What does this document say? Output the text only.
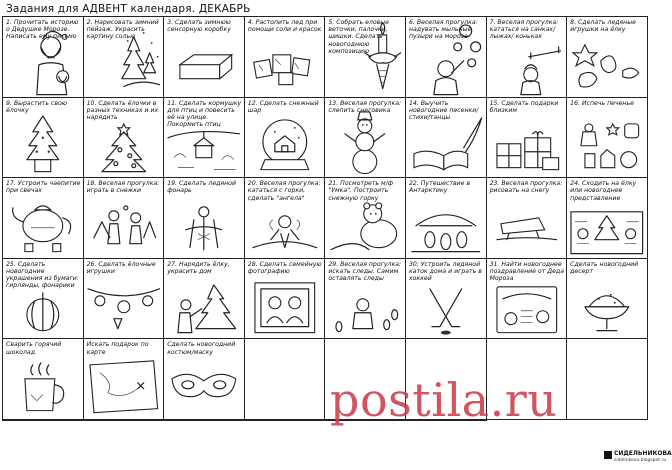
Задания для АДВЕНТ календаря. ДЕКАБРЬ
1. Прочитать историю о Дедушке Морозе. Написать ему письмо
2. Нарисовать зимний пейзаж. Украсить картину солью
3. Сделать зимнюю сенсорную коробку
4. Растопить лед при помощи соли и красок
5. Собрать еловые веточки, палочки, шишки. Сделать новогоднюю композицию
6. Веселая прогулка: надувать мыльные пузыри на морозе
7. Веселая прогулка: кататься на санках/ лыжах/ коньках
8. Сделать ледяные игрушки на ёлку
9. Вырастить свою ёлочку
10. Сделать ёлочки в разных техниках и их нарядить
11. Сделать кормушку для птиц и повесить её на улице. Покормить птиц
12. Сделать снежный шар
13. Веселая прогулка: слепить снеговика
14. Выучить новогодние песенки/стихи/танцы
15. Сделать подарки близким
16. Испечь печенье
17. Устроить чаепитие при свечах
18. Веселая прогулка: играть в снежки
19. Сделать ледяной фонарь
20. Веселая прогулка: кататься с горки, сделать "ангела"
21. Посмотреть м/ф "Умка". Построить снежную горку
22. Путешествие в Антарктику
23. Веселая прогулка: рисовать на снегу
24. Сходить на ёлку или новогоднее представление
25. Сделать новогодние украшения из бумаги: гирлянды, фонарики
26. Сделать ёлочные игрушки
27. Нарядить ёлку, украсить дом
28. Сделать семейную фотографию
29. Веселая прогулка: искать следы. Самим оставлять следы
30. Устроить ледяной каток дома и играть в хоккей
31. Найти новогоднее поздравление от Деда Мороза
Сделать новогодний десерт
Сварить горячий шоколад
Искать подарок по карте
Сделать новогодний костюм/маску
postila.ru
СИДЕЛЬНИКОВА
sidelnikova.blogspot.ru
